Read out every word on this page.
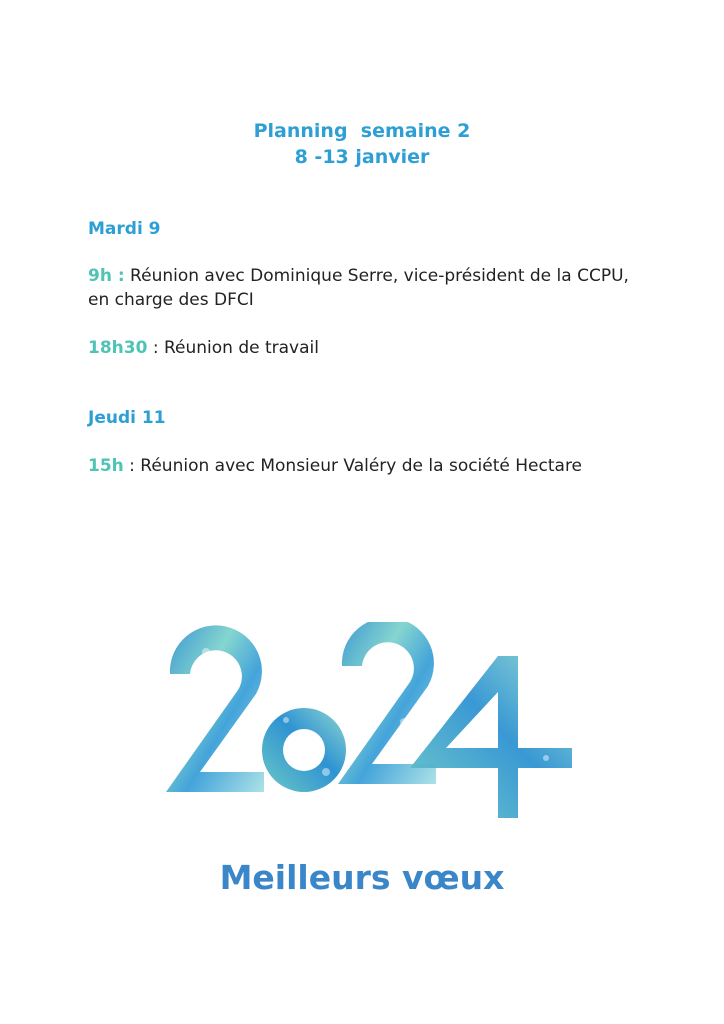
Planning  semaine 2
8 -13 janvier
Mardi 9
9h : Réunion avec Dominique Serre, vice-président de la CCPU, en charge des DFCI
18h30 : Réunion de travail
Jeudi 11
15h : Réunion avec Monsieur Valéry de la société Hectare
Meilleurs vœux
